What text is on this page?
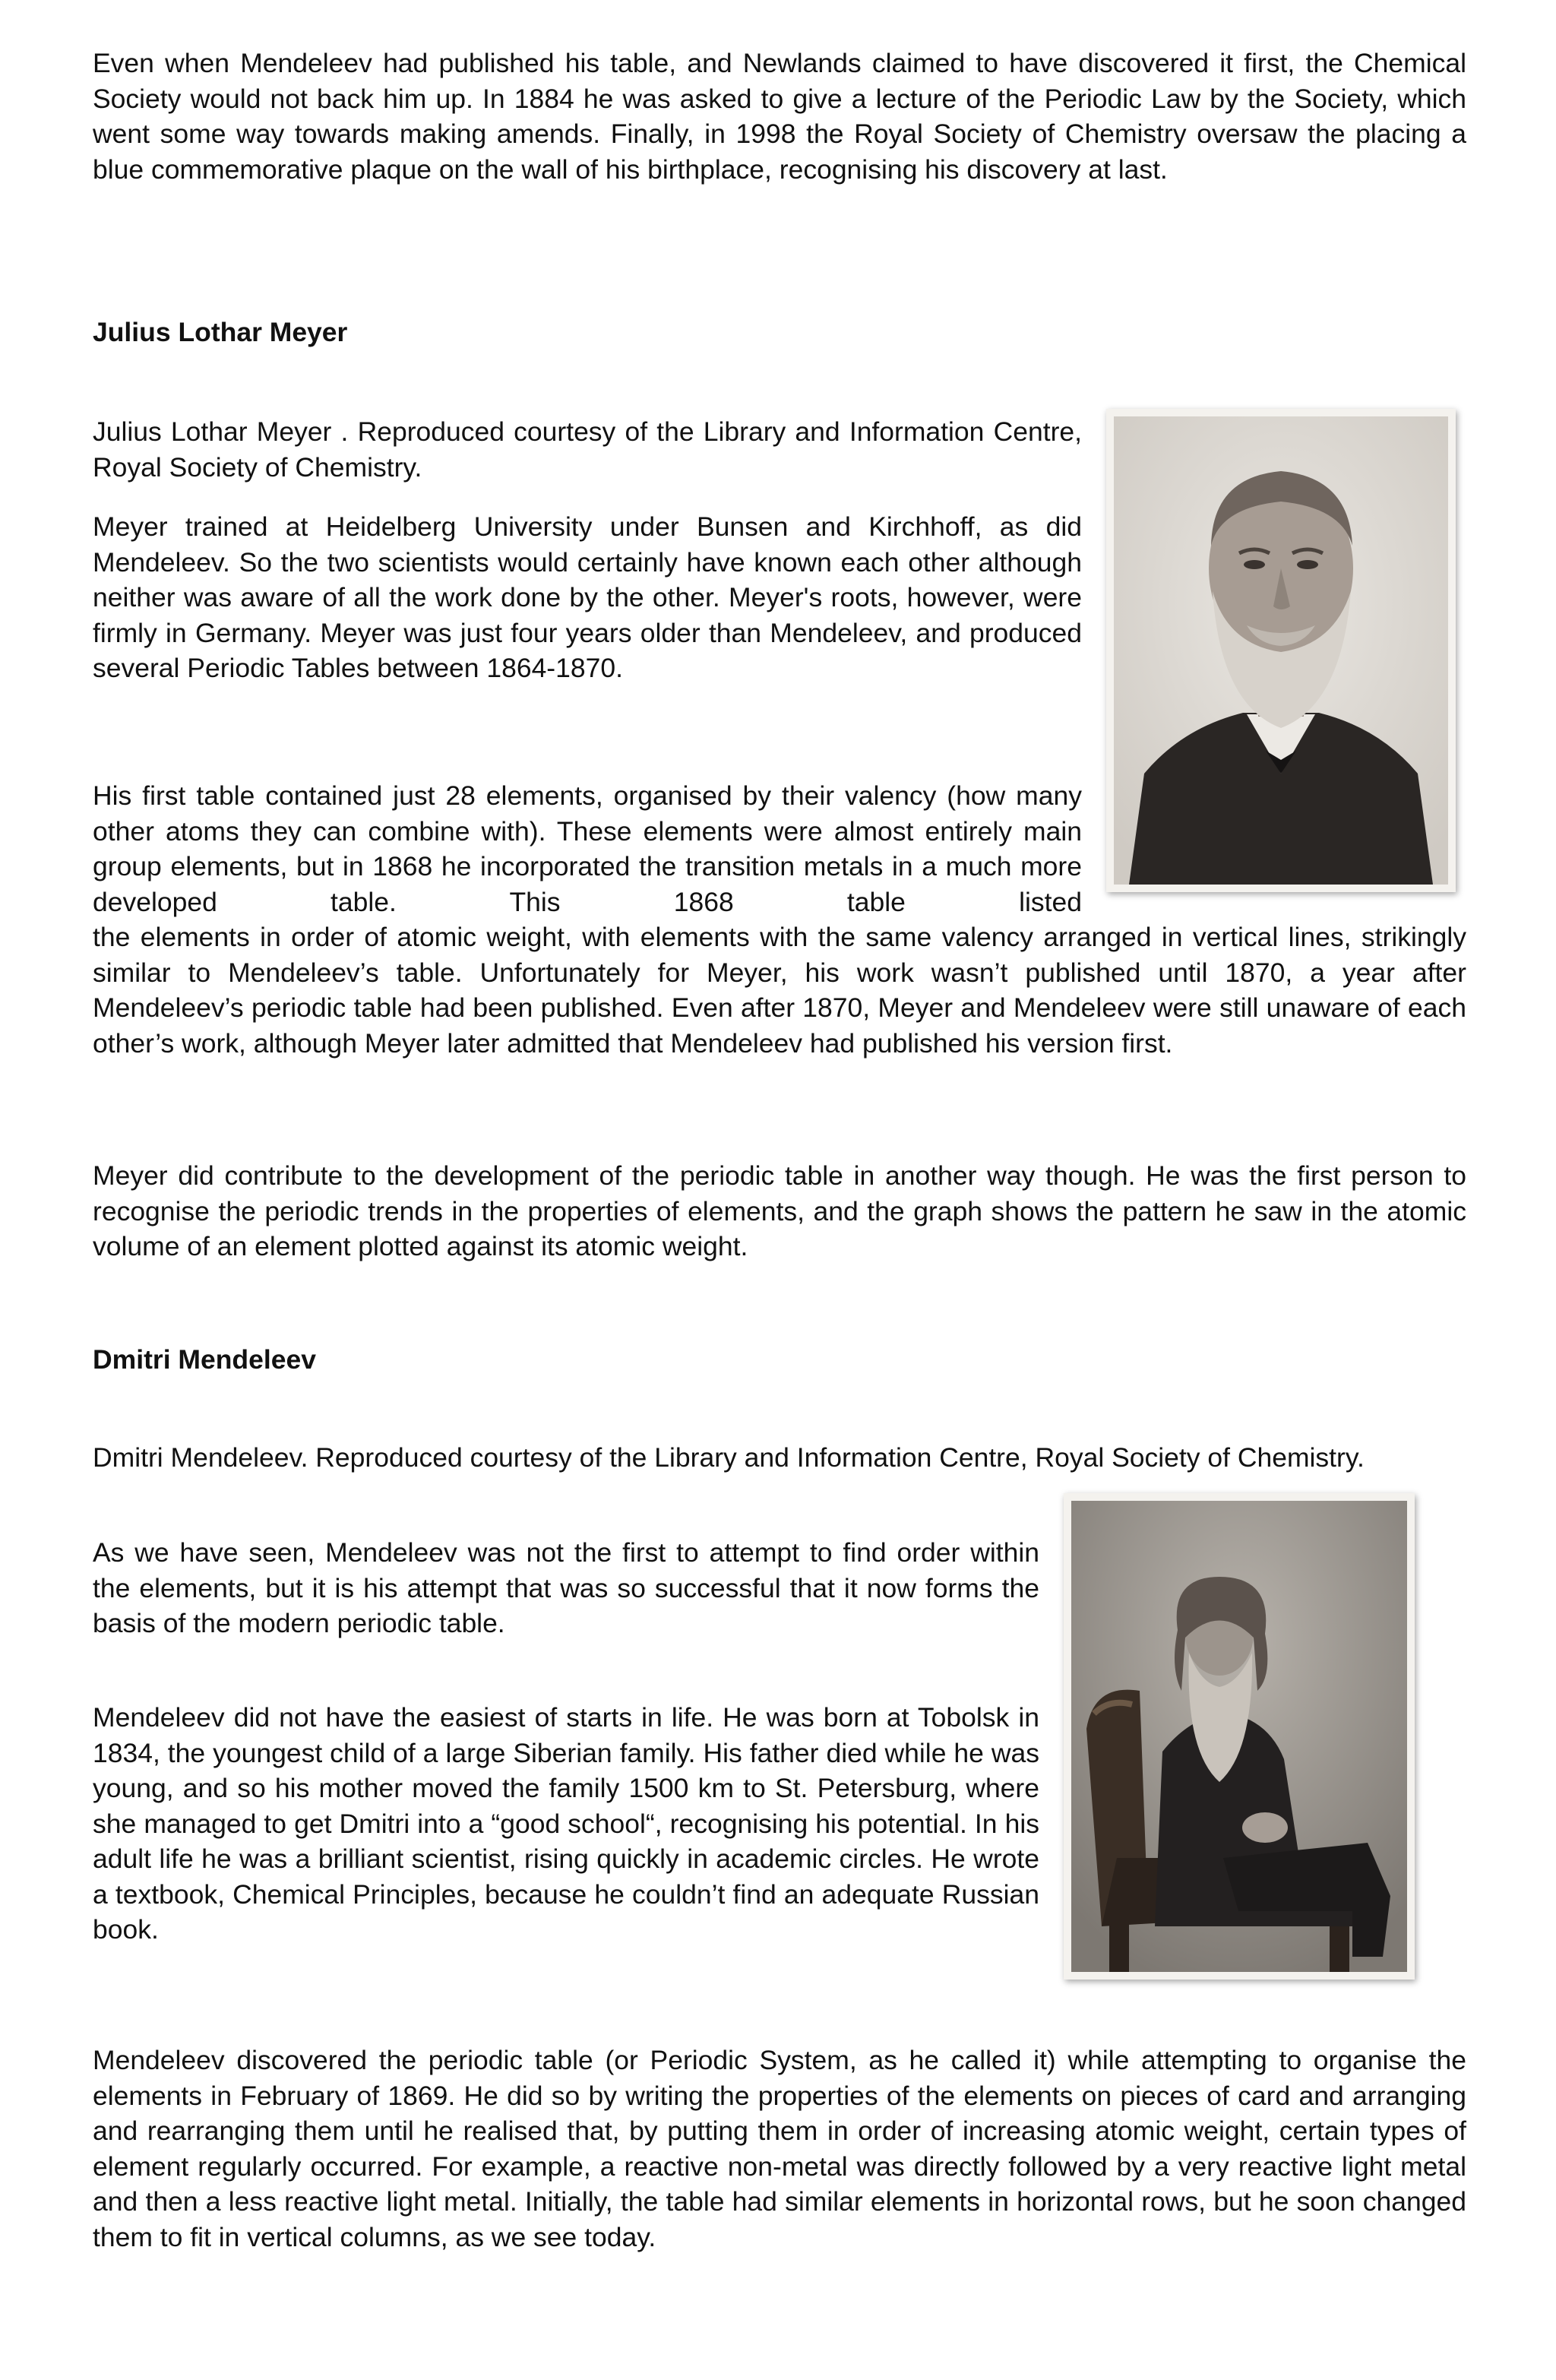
Even when Mendeleev had published his table, and Newlands claimed to have discovered it first, the Chemical Society would not back him up. In 1884 he was asked to give a lecture of the Periodic Law by the Society, which went some way towards making amends. Finally, in 1998 the Royal Society of Chemistry oversaw the placing a blue commemorative plaque on the wall of his birthplace, recognising his discovery at last.

Julius Lothar Meyer

Julius Lothar Meyer . Reproduced courtesy of the Library and Information Centre, Royal Society of Chemistry.

Meyer trained at Heidelberg University under Bunsen and Kirchhoff, as did Mendeleev. So the two scientists would certainly have known each other although neither was aware of all the work done by the other. Meyer's roots, however, were firmly in Germany. Meyer was just four years older than Mendeleev, and produced several Periodic Tables between 1864-1870.

His first table contained just 28 elements, organised by their valency (how many other atoms they can combine with). These elements were almost entirely main group elements, but in 1868 he incorporated the transition metals in a much more developed table. This 1868 table listed

the elements in order of atomic weight, with elements with the same valency arranged in vertical lines, strikingly similar to Mendeleev’s table. Unfortunately for Meyer, his work wasn’t published until 1870, a year after Mendeleev’s periodic table had been published. Even after 1870, Meyer and Mendeleev were still unaware of each other’s work, although Meyer later admitted that Mendeleev had published his version first.

Meyer did contribute to the development of the periodic table in another way though. He was the first person to recognise the periodic trends in the properties of elements, and the graph shows the pattern he saw in the atomic volume of an element plotted against its atomic weight.

Dmitri Mendeleev

Dmitri Mendeleev. Reproduced courtesy of the Library and Information Centre, Royal Society of Chemistry.

As we have seen, Mendeleev was not the first to attempt to find order within the elements, but it is his attempt that was so successful that it now forms the basis of the modern periodic table.

Mendeleev did not have the easiest of starts in life. He was born at Tobolsk in 1834, the youngest child of a large Siberian family. His father died while he was young, and so his mother moved the family 1500 km to St. Petersburg, where she managed to get Dmitri into a “good school“, recognising his potential. In his adult life he was a brilliant scientist, rising quickly in academic circles. He wrote a textbook, Chemical Principles, because he couldn’t find an adequate Russian book.

Mendeleev discovered the periodic table (or Periodic System, as he called it) while attempting to organise the elements in February of 1869. He did so by writing the properties of the elements on pieces of card and arranging and rearranging them until he realised that, by putting them in order of increasing atomic weight, certain types of element regularly occurred. For example, a reactive non-metal was directly followed by a very reactive light metal and then a less reactive light metal. Initially, the table had similar elements in horizontal rows, but he soon changed them to fit in vertical columns, as we see today.
